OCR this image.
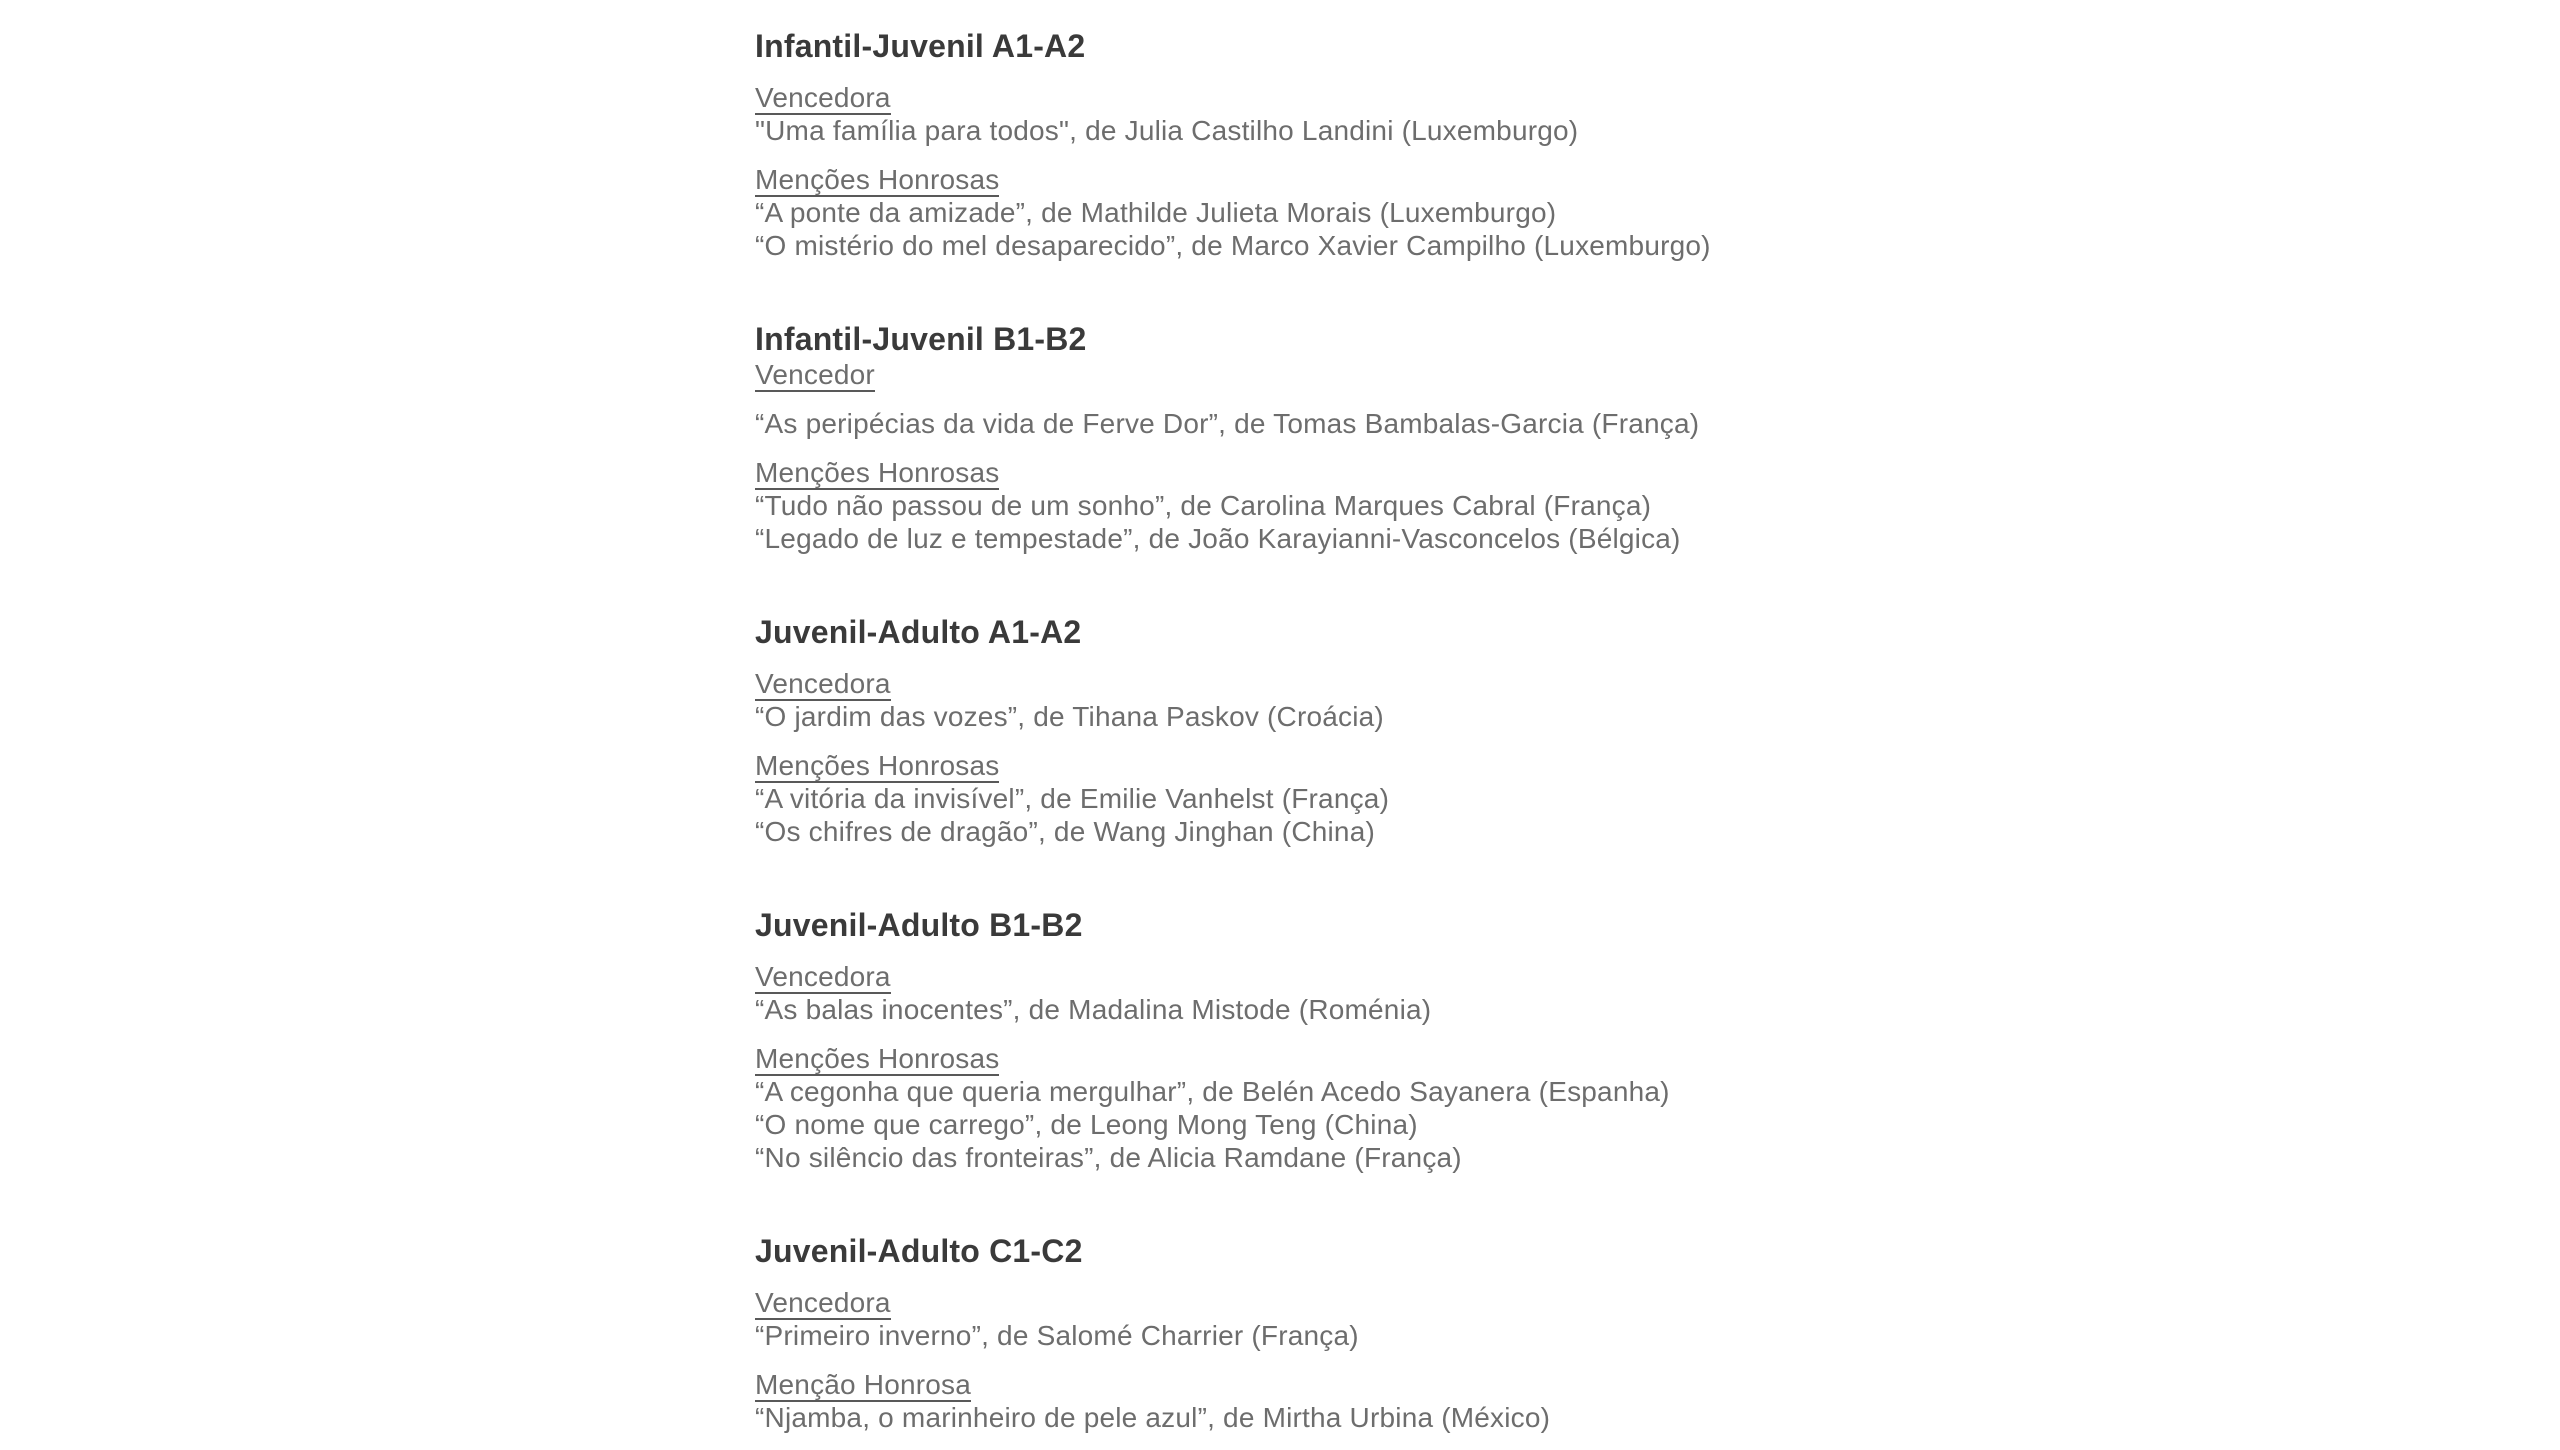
Infantil-Juvenil A1-A2

Vencedora
"Uma família para todos", de Julia Castilho Landini (Luxemburgo)

Menções Honrosas
“A ponte da amizade”, de Mathilde Julieta Morais (Luxemburgo)
“O mistério do mel desaparecido”, de Marco Xavier Campilho (Luxemburgo)

Infantil-Juvenil B1-B2

Vencedor

“As peripécias da vida de Ferve Dor”, de Tomas Bambalas-Garcia (França)

Menções Honrosas
“Tudo não passou de um sonho”, de Carolina Marques Cabral (França)
“Legado de luz e tempestade”, de João Karayianni-Vasconcelos (Bélgica)

Juvenil-Adulto A1-A2

Vencedora
“O jardim das vozes”, de Tihana Paskov (Croácia)

Menções Honrosas
“A vitória da invisível”, de Emilie Vanhelst (França)
“Os chifres de dragão”, de Wang Jinghan (China)

Juvenil-Adulto B1-B2

Vencedora
“As balas inocentes”, de Madalina Mistode (Roménia)

Menções Honrosas
“A cegonha que queria mergulhar”, de Belén Acedo Sayanera (Espanha)
“O nome que carrego”, de Leong Mong Teng (China)
“No silêncio das fronteiras”, de Alicia Ramdane (França)

Juvenil-Adulto C1-C2

Vencedora
“Primeiro inverno”, de Salomé Charrier (França)

Menção Honrosa
“Njamba, o marinheiro de pele azul”, de Mirtha Urbina (México)
